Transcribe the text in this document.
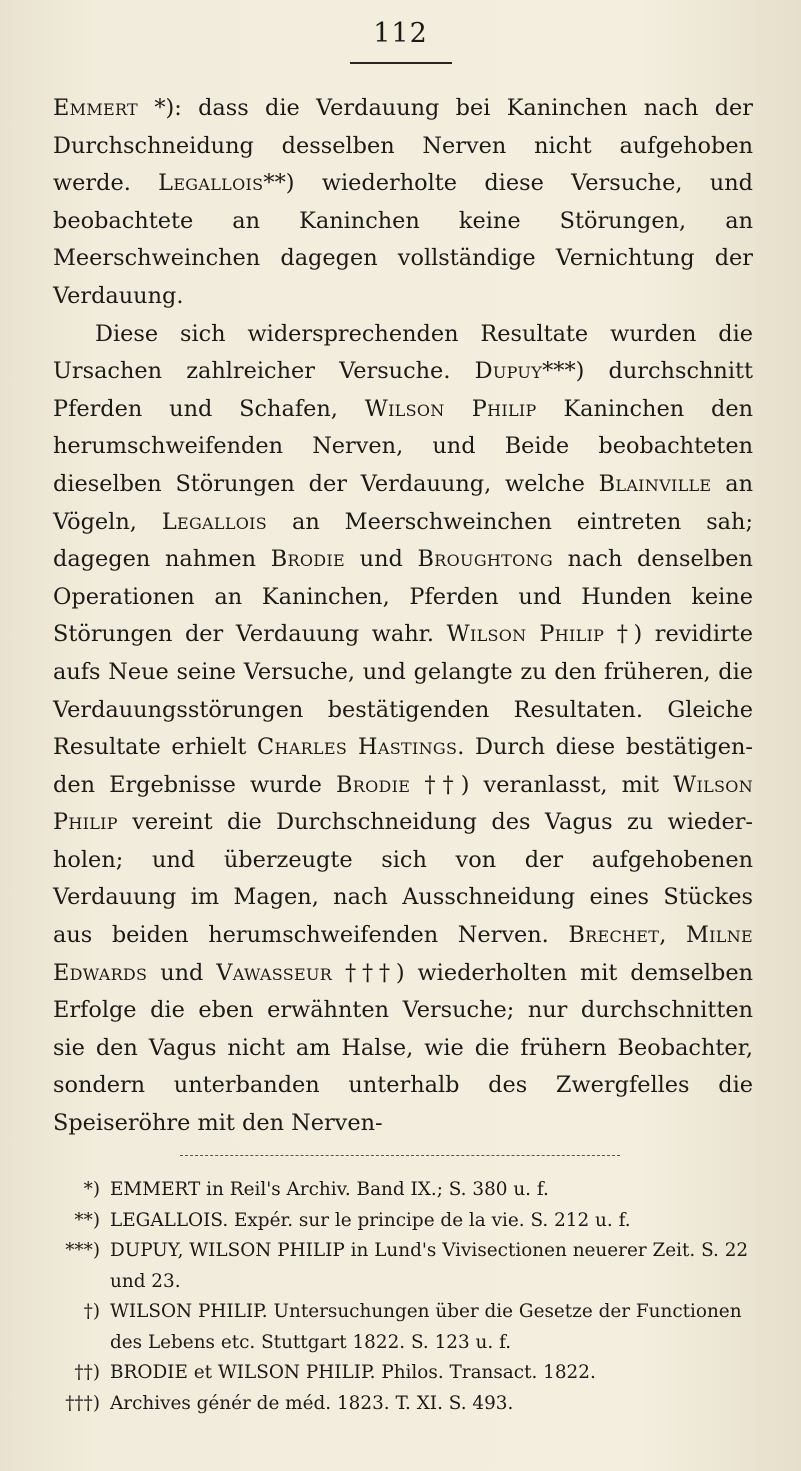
112

Emmert *): dass die Verdauung bei Kaninchen nach der Durchschneidung desselben Nerven nicht aufgehoben werde. Legallois**) wiederholte diese Versuche, und beobachtete an Kaninchen keine Störungen, an Meerschweinchen dagegen vollständige Vernichtung der Verdauung.

Diese sich widersprechenden Resultate wurden die Ursachen zahlreicher Versuche. Dupuy***) durchschnitt Pferden und Schafen, Wilson Philip Kaninchen den herumschweifenden Nerven, und Beide beobachteten dieselben Störungen der Verdauung, welche Blainville an Vögeln, Legallois an Meerschweinchen eintreten sah; dagegen nahmen Brodie und Broughtong nach denselben Operationen an Kaninchen, Pferden und Hunden keine Störungen der Verdauung wahr. Wilson Philip †) revidirte aufs Neue seine Versuche, und gelangte zu den früheren, die Verdauungsstörungen bestätigenden Resultaten. Gleiche Resultate erhielt Charles Hastings. Durch diese bestätigenden Ergebnisse wurde Brodie ††) veranlasst, mit Wilson Philip vereint die Durchschneidung des Vagus zu wiederholen; und überzeugte sich von der aufgehobenen Verdauung im Magen, nach Ausschneidung eines Stückes aus beiden herumschweifenden Nerven. Brechet, Milne Edwards und Vawasseur †††) wiederholten mit demselben Erfolge die eben erwähnten Versuche; nur durchschnitten sie den Vagus nicht am Halse, wie die frühern Beobachter, sondern unterbanden unterhalb des Zwergfelles die Speiseröhre mit den Nerven-

*) EMMERT in Reil's Archiv. Band IX.; S. 380 u. f.
**) LEGALLOIS. Expér. sur le principe de la vie. S. 212 u. f.
***) DUPUY, WILSON PHILIP in Lund's Vivisectionen neuerer Zeit. S. 22 und 23.
†) WILSON PHILIP. Untersuchungen über die Gesetze der Functionen des Lebens etc. Stuttgart 1822. S. 123 u. f.
††) BRODIE et WILSON PHILIP. Philos. Transact. 1822.
†††) Archives génér de méd. 1823. T. XI. S. 493.
